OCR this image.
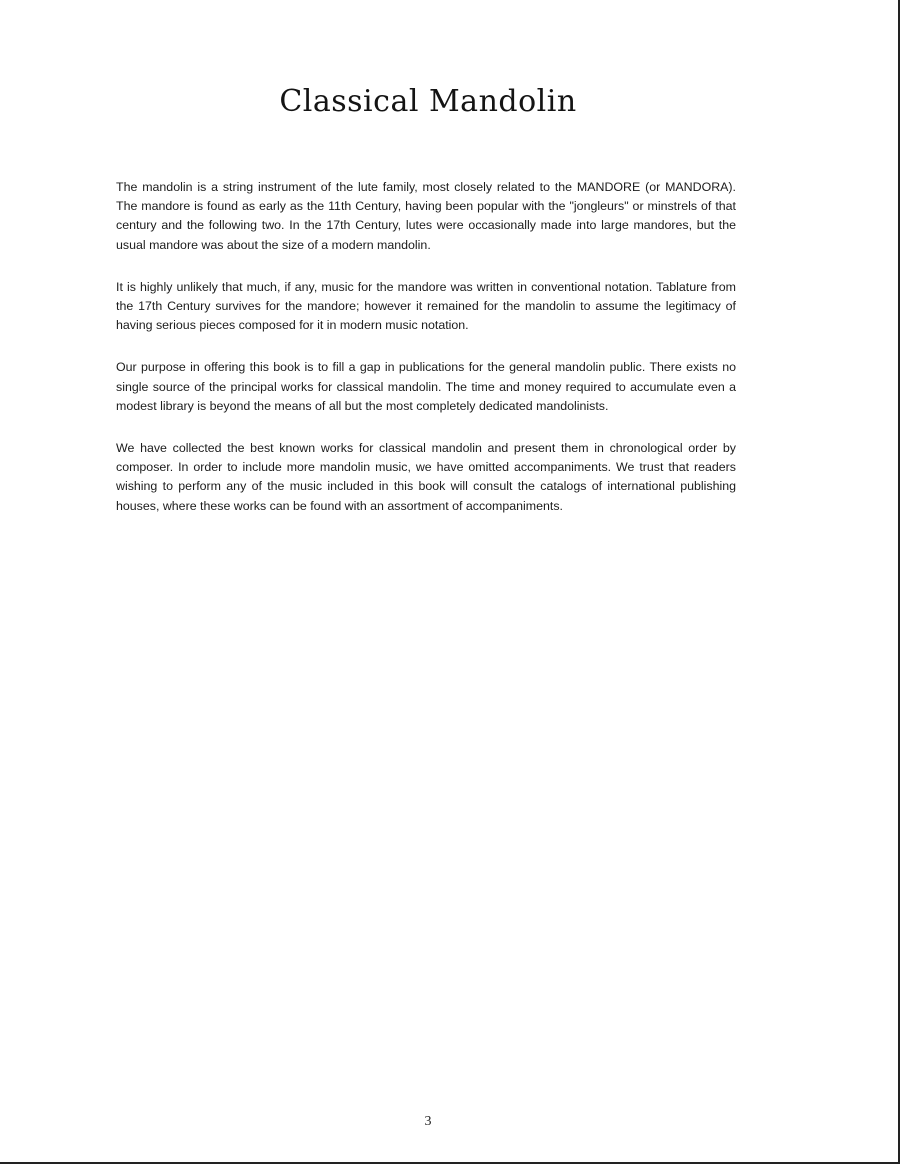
Classical Mandolin

The mandolin is a string instrument of the lute family, most closely related to the MANDORE (or MANDORA). The mandore is found as early as the 11th Century, having been popular with the "jongleurs" or minstrels of that century and the following two. In the 17th Century, lutes were occasionally made into large mandores, but the usual mandore was about the size of a modern mandolin.

It is highly unlikely that much, if any, music for the mandore was written in conventional notation. Tablature from the 17th Century survives for the mandore; however it remained for the mandolin to assume the legitimacy of having serious pieces composed for it in modern music notation.

Our purpose in offering this book is to fill a gap in publications for the general mandolin public. There exists no single source of the principal works for classical mandolin. The time and money required to accumulate even a modest library is beyond the means of all but the most completely dedicated mandolinists.

We have collected the best known works for classical mandolin and present them in chronological order by composer. In order to include more mandolin music, we have omitted accompaniments. We trust that readers wishing to perform any of the music included in this book will consult the catalogs of international publishing houses, where these works can be found with an assortment of accompaniments.

3
